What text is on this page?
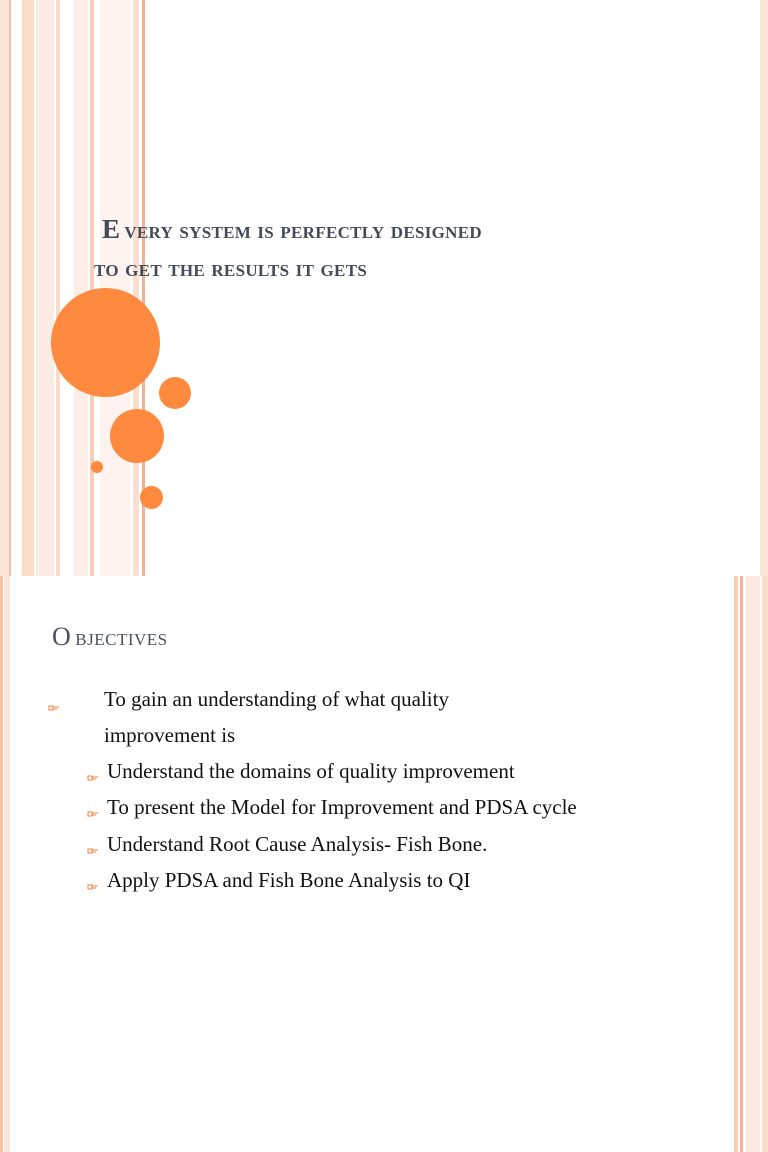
E very system is perfectly designed
to get the results it gets
O bjectives
To gain an understanding of what quality
improvement is
Understand the domains of quality improvement
To present the Model for Improvement and PDSA cycle
Understand Root Cause Analysis- Fish Bone.
Apply PDSA and Fish Bone Analysis to QI
